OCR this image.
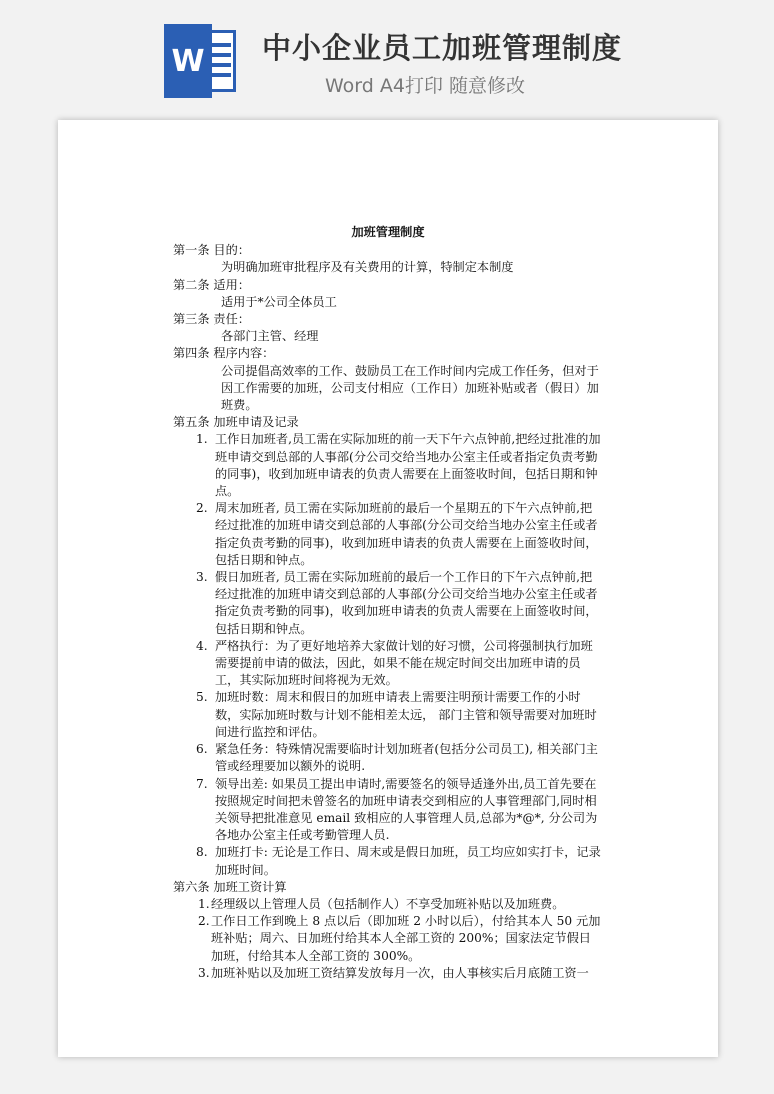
W 中小企业员工加班管理制度
Word A4打印 随意修改
加班管理制度
第一条 目的：
为明确加班审批程序及有关费用的计算，特制定本制度
第二条 适用：
适用于*公司全体员工
第三条 责任：
各部门主管、经理
第四条 程序内容：
公司提倡高效率的工作、鼓励员工在工作时间内完成工作任务，但对于因工作需要的加班，公司支付相应（工作日）加班补贴或者（假日）加班费。
第五条 加班申请及记录
1. 工作日加班者,员工需在实际加班的前一天下午六点钟前,把经过批准的加班申请交到总部的人事部(分公司交给当地办公室主任或者指定负责考勤的同事)，收到加班申请表的负责人需要在上面签收时间，包括日期和钟点。
2. 周末加班者, 员工需在实际加班前的最后一个星期五的下午六点钟前,把经过批准的加班申请交到总部的人事部(分公司交给当地办公室主任或者指定负责考勤的同事)，收到加班申请表的负责人需要在上面签收时间，包括日期和钟点。
3. 假日加班者, 员工需在实际加班前的最后一个工作日的下午六点钟前,把经过批准的加班申请交到总部的人事部(分公司交给当地办公室主任或者指定负责考勤的同事)，收到加班申请表的负责人需要在上面签收时间，包括日期和钟点。
4. 严格执行：为了更好地培养大家做计划的好习惯，公司将强制执行加班需要提前申请的做法，因此，如果不能在规定时间交出加班申请的员工，其实际加班时间将视为无效。
5. 加班时数：周末和假日的加班申请表上需要注明预计需要工作的小时数，实际加班时数与计划不能相差太远， 部门主管和领导需要对加班时间进行监控和评估。
6. 紧急任务：特殊情况需要临时计划加班者(包括分公司员工), 相关部门主管或经理要加以额外的说明.
7. 领导出差: 如果员工提出申请时,需要签名的领导适逢外出,员工首先要在按照规定时间把未曾签名的加班申请表交到相应的人事管理部门,同时相关领导把批准意见 email 致相应的人事管理人员,总部为*@*, 分公司为各地办公室主任或考勤管理人员.
8. 加班打卡: 无论是工作日、周末或是假日加班，员工均应如实打卡，记录加班时间。
第六条 加班工资计算
1. 经理级以上管理人员（包括制作人）不享受加班补贴以及加班费。
2. 工作日工作到晚上 8 点以后（即加班 2 小时以后），付给其本人 50 元加班补贴；周六、日加班付给其本人全部工资的 200%；国家法定节假日加班，付给其本人全部工资的 300%。
3. 加班补贴以及加班工资结算发放每月一次，由人事核实后月底随工资一
